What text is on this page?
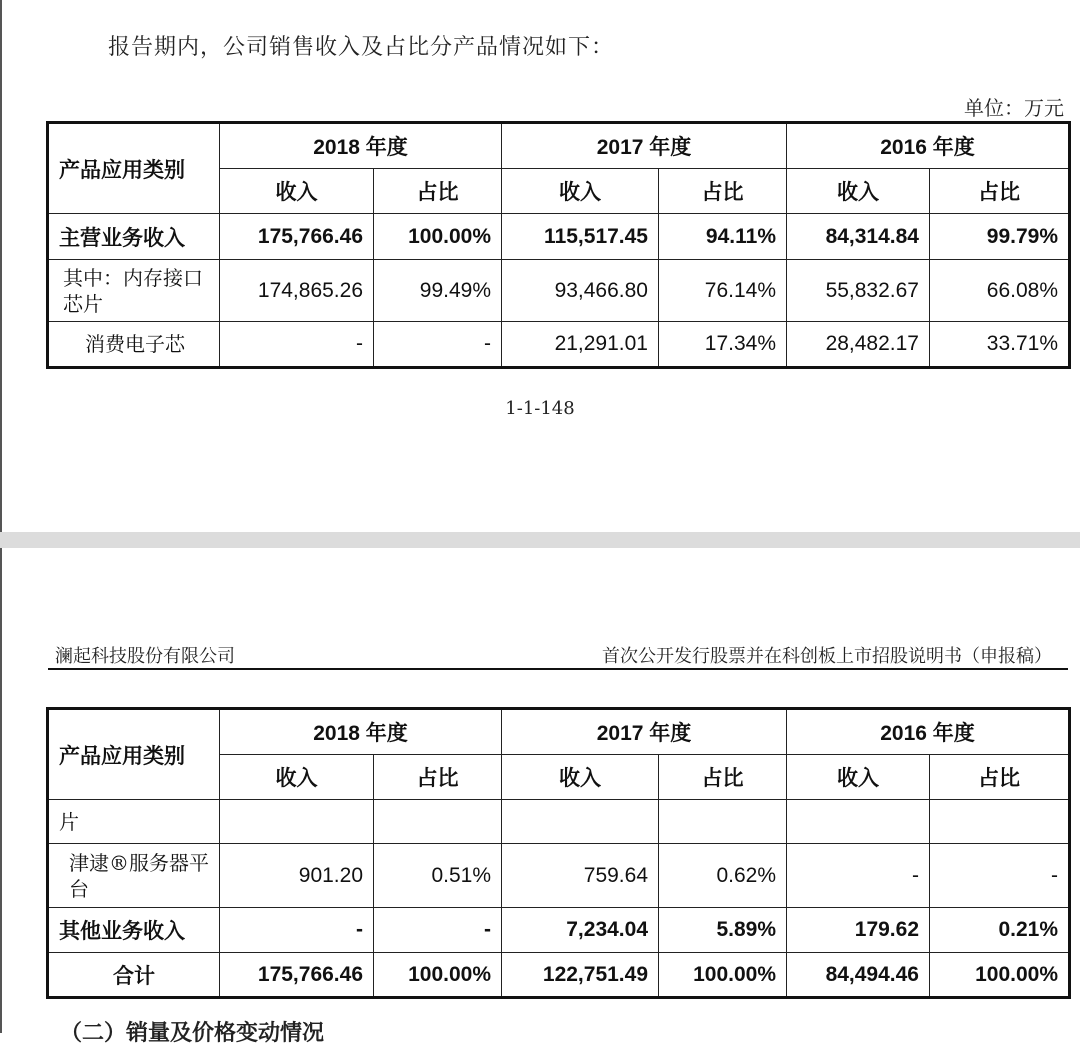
报告期内，公司销售收入及占比分产品情况如下：
单位：万元
产品应用类别	2018 年度		2017 年度		2016 年度	
	收入	占比	收入	占比	收入	占比
主营业务收入	175,766.46	100.00%	115,517.45	94.11%	84,314.84	99.79%
其中：内存接口芯片	174,865.26	99.49%	93,466.80	76.14%	55,832.67	66.08%
消费电子芯	-	-	21,291.01	17.34%	28,482.17	33.71%
1-1-148
澜起科技股份有限公司	首次公开发行股票并在科创板上市招股说明书（申报稿）
产品应用类别	2018 年度		2017 年度		2016 年度	
	收入	占比	收入	占比	收入	占比
片						
津逮®服务器平台	901.20	0.51%	759.64	0.62%	-	-
其他业务收入	-	-	7,234.04	5.89%	179.62	0.21%
合计	175,766.46	100.00%	122,751.49	100.00%	84,494.46	100.00%
（二）销量及价格变动情况
